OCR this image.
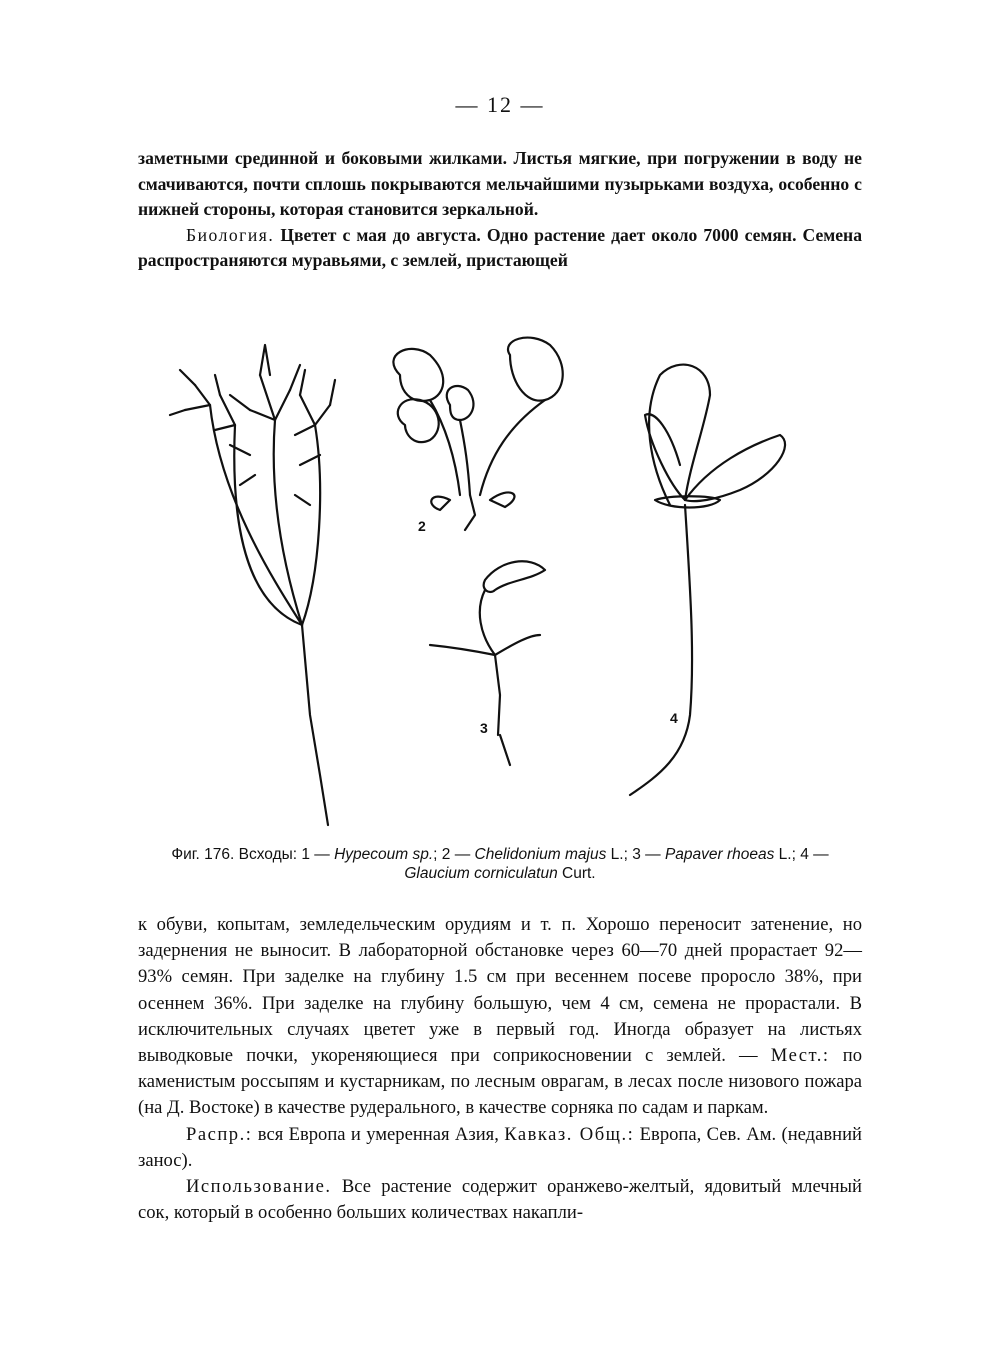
— 12 —

заметными срединной и боковыми жилками. Листья мягкие, при погружении в воду не смачиваются, почти сплошь покрываются мельчайшими пузырьками воздуха, особенно с нижней стороны, которая становится зеркальной.

Биология. Цветет с мая до августа. Одно растение дает около 7000 семян. Семена распространяются муравьями, с землей, пристающей

2
3
4
Фиг. 176. Всходы: 1 — Hypecoum sp.; 2 — Chelidonium majus L.; 3 — Papaver rhoeas L.; 4 — Glaucium corniculatun Curt.

к обуви, копытам, земледельческим орудиям и т. п. Хорошо переносит затенение, но задернения не выносит. В лабораторной обстановке через 60—70 дней прорастает 92—93% семян. При заделке на глубину 1.5 см при весеннем посеве проросло 38%, при осеннем 36%. При заделке на глубину большую, чем 4 см, семена не прорастали. В исключительных случаях цветет уже в первый год. Иногда образует на листьях выводковые почки, укореняющиеся при соприкосновении с землей. — Мест.: по каменистым россыпям и кустарникам, по лесным оврагам, в лесах после низового пожара (на Д. Востоке) в качестве рудерального, в качестве сорняка по садам и паркам.

Распр.: вся Европа и умеренная Азия, Кавказ. Общ.: Европа, Сев. Ам. (недавний занос).

Использование. Все растение содержит оранжево-желтый, ядовитый млечный сок, который в особенно больших количествах накапли-
